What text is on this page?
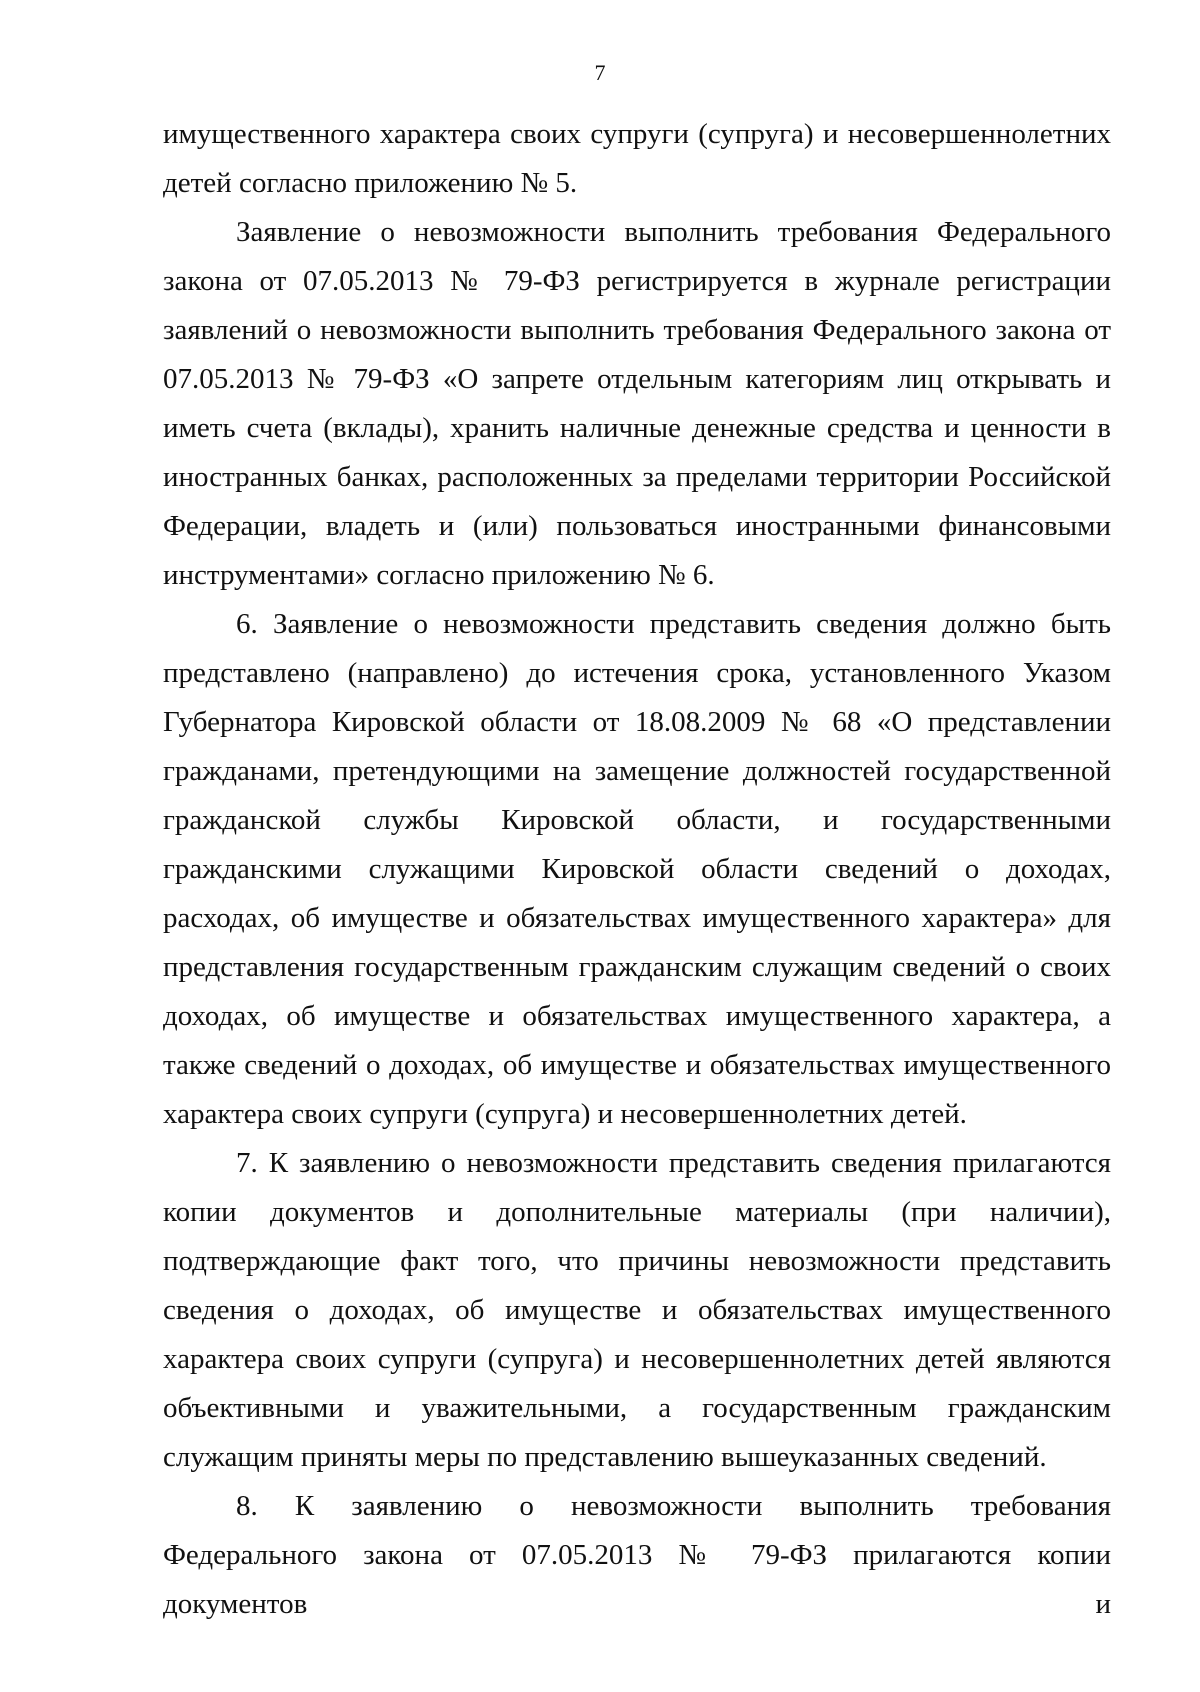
7

имущественного характера своих супруги (супруга) и несовершеннолетних детей согласно приложению № 5.

Заявление о невозможности выполнить требования Федерального закона от 07.05.2013 № 79-ФЗ регистрируется в журнале регистрации заявлений о невозможности выполнить требования Федерального закона от 07.05.2013 № 79-ФЗ «О запрете отдельным категориям лиц открывать и иметь счета (вклады), хранить наличные денежные средства и ценности в иностранных банках, расположенных за пределами территории Российской Федерации, владеть и (или) пользоваться иностранными финансовыми инструментами» согласно приложению № 6.

6. Заявление о невозможности представить сведения должно быть представлено (направлено) до истечения срока, установленного Указом Губернатора Кировской области от 18.08.2009 № 68 «О представлении гражданами, претендующими на замещение должностей государственной гражданской службы Кировской области, и государственными гражданскими служащими Кировской области сведений о доходах, расходах, об имуществе и обязательствах имущественного характера» для представления государственным гражданским служащим сведений о своих доходах, об имуществе и обязательствах имущественного характера, а также сведений о доходах, об имуществе и обязательствах имущественного характера своих супруги (супруга) и несовершеннолетних детей.

7. К заявлению о невозможности представить сведения прилагаются копии документов и дополнительные материалы (при наличии), подтверждающие факт того, что причины невозможности представить сведения о доходах, об имуществе и обязательствах имущественного характера своих супруги (супруга) и несовершеннолетних детей являются объективными и уважительными, а государственным гражданским служащим приняты меры по представлению вышеуказанных сведений.

8. К заявлению о невозможности выполнить требования Федерального закона от 07.05.2013 № 79-ФЗ прилагаются копии документов и
